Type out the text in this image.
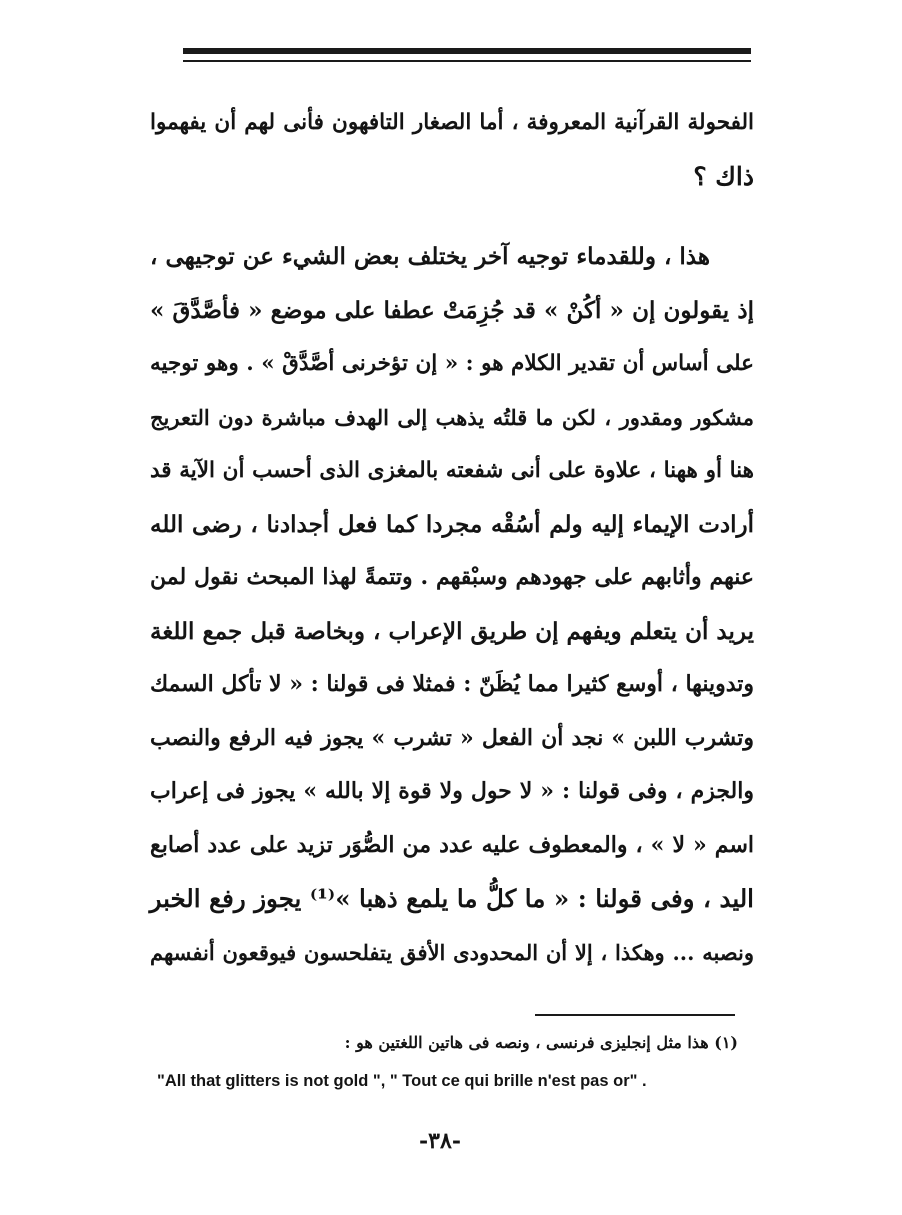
الفحولة القرآنية المعروفة ، أما الصغار التافهون فأنى لهم أن يفهموا
ذاك ؟
هذا ، وللقدماء توجيه آخر يختلف بعض الشيء عن توجيهى ،
إذ يقولون إن « أكُنْ » قد جُزِمَتْ عطفا على موضع « فأصَّدَّقَ »
على أساس أن تقدير الكلام هو : « إن تؤخرنى أصَّدَّقْ » . وهو توجيه
مشكور ومقدور ، لكن ما قلتُه يذهب إلى الهدف مباشرة دون التعريج
هنا أو ههنا ، علاوة على أنى شفعته بالمغزى الذى أحسب أن الآية قد
أرادت الإيماء إليه ولم أسُقْه مجردا كما فعل أجدادنا ، رضى الله
عنهم وأثابهم على جهودهم وسبْقهم . وتتمةً لهذا المبحث نقول لمن
يريد أن يتعلم ويفهم إن طريق الإعراب ، وبخاصة قبل جمع اللغة
وتدوينها ، أوسع كثيرا مما يُظَنّ : فمثلا فى قولنا : « لا تأكل السمك
وتشرب اللبن » نجد أن الفعل « تشرب » يجوز فيه الرفع والنصب
والجزم ، وفى قولنا : « لا حول ولا قوة إلا بالله » يجوز فى إعراب
اسم « لا » ، والمعطوف عليه عدد من الصُّوَر تزيد على عدد أصابع
اليد ، وفى قولنا : « ما كلُّ ما يلمع ذهبا »⁽¹⁾ يجوز رفع الخبر
ونصبه ... وهكذا ، إلا أن المحدودى الأفق يتفلحسون فيوقعون أنفسهم
(١) هذا مثل إنجليزى فرنسى ، ونصه فى هاتين اللغتين هو :
"All that glitters is not gold ", " Tout ce qui brille n'est pas or" .
-٣٨-
